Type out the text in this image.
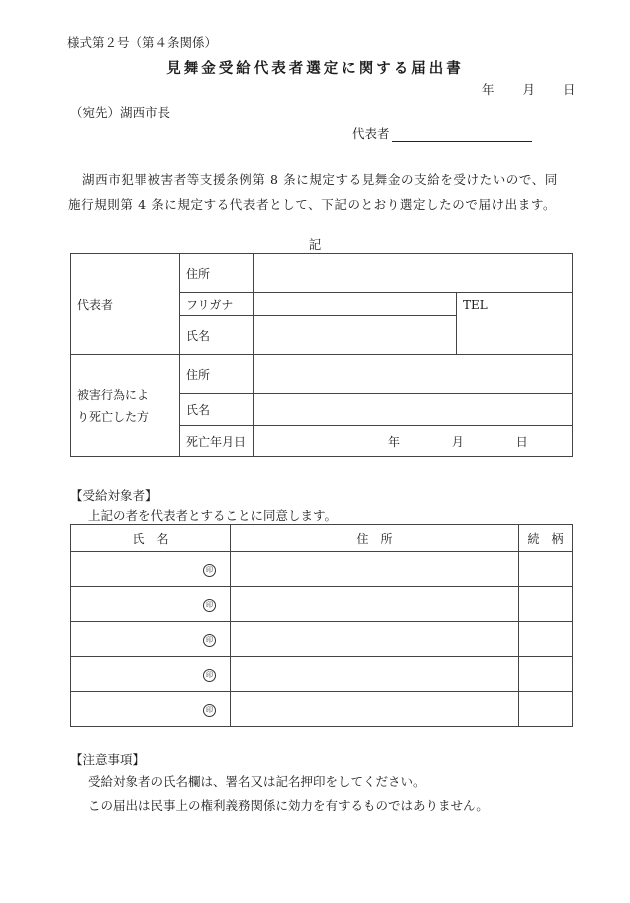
様式第２号（第４条関係）
見舞金受給代表者選定に関する届出書
年 月 日
（宛先）湖西市長
代表者
湖西市犯罪被害者等支援条例第 8 条に規定する見舞金の支給を受けたいので、同施行規則第 4 条に規定する代表者として、下記のとおり選定したので届け出ます。
記
代表者	住所		
	フリガナ		TEL
	氏名		
被害行為により死亡した方	住所		
	氏名		
	死亡年月日	年 月 日	
【受給対象者】
上記の者を代表者とすることに同意します。
氏　名	住　所	続　柄
印		
印		
印		
印		
印		
【注意事項】
受給対象者の氏名欄は、署名又は記名押印をしてください。
この届出は民事上の権利義務関係に効力を有するものではありません。
